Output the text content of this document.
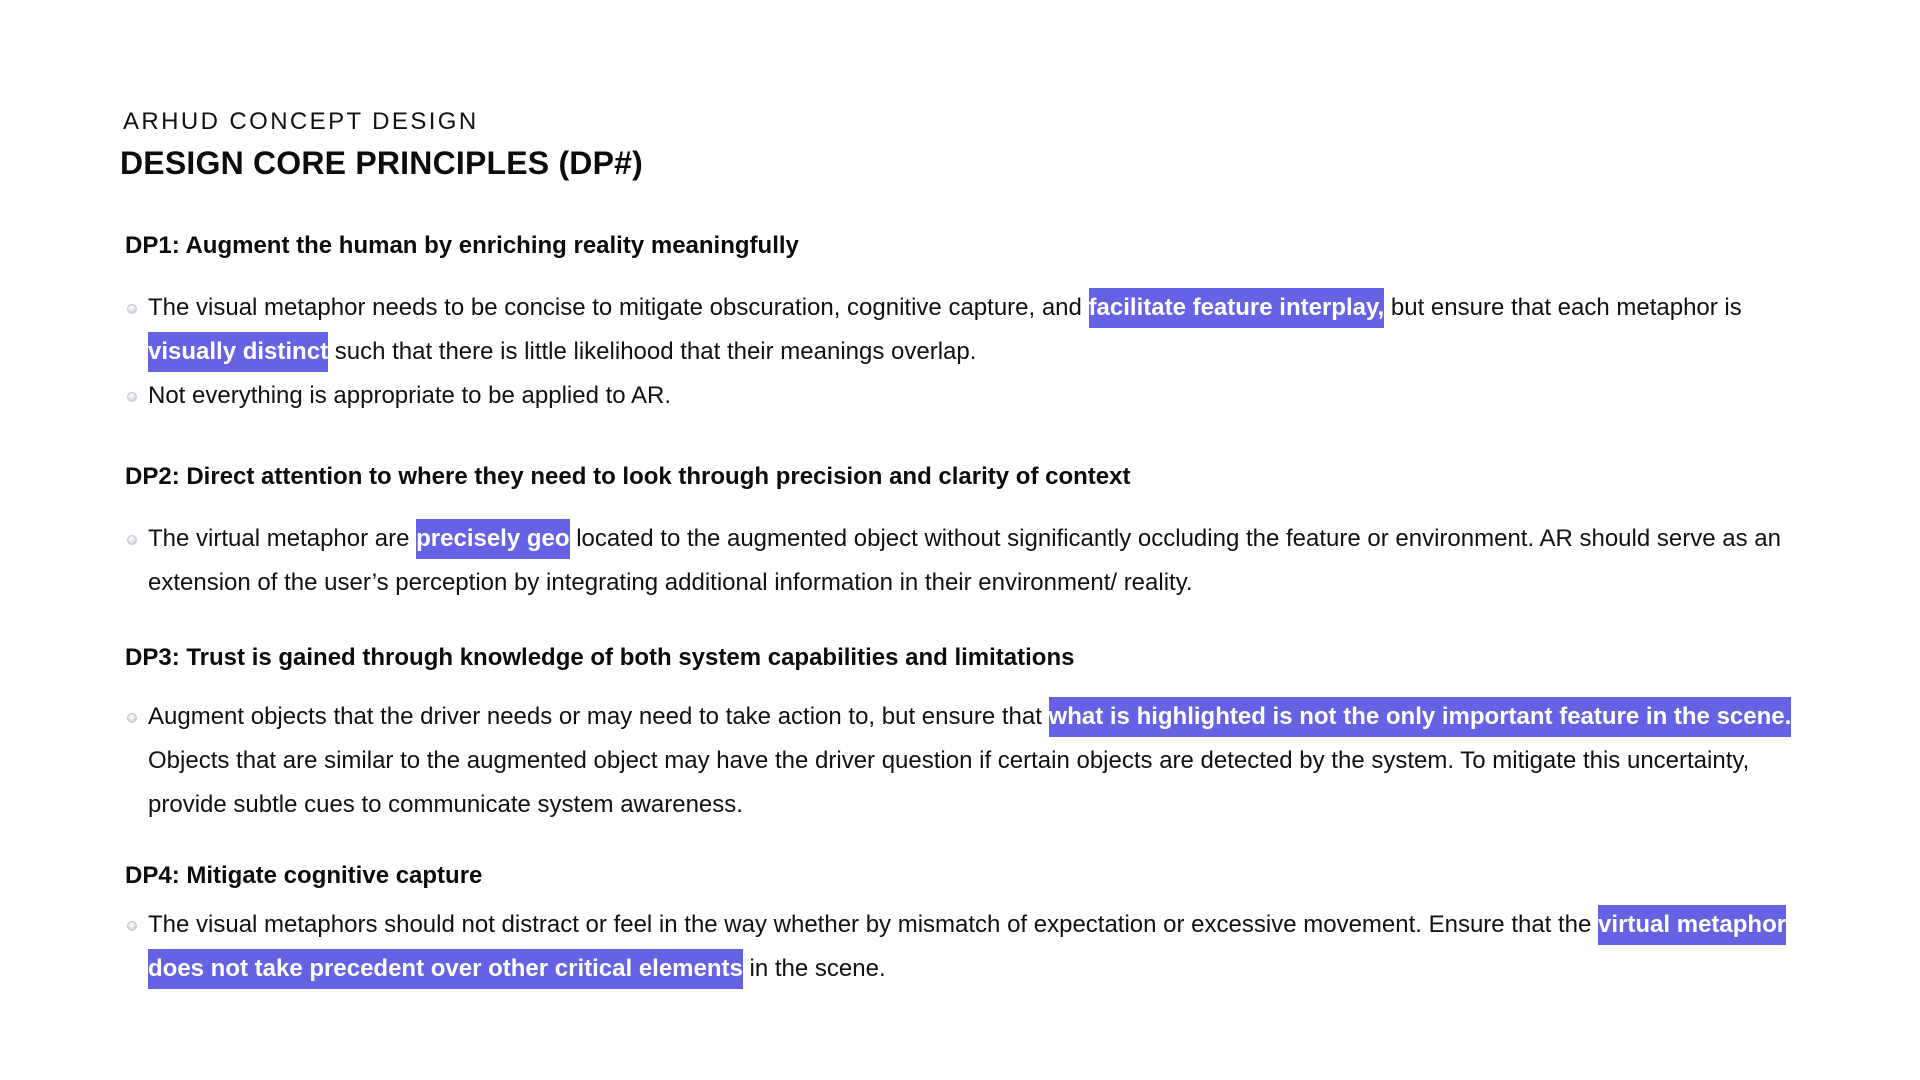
ARHUD CONCEPT DESIGN
DESIGN CORE PRINCIPLES (DP#)
DP1: Augment the human by enriching reality meaningfully
The visual metaphor needs to be concise to mitigate obscuration, cognitive capture, and facilitate feature interplay, but ensure that each metaphor is visually distinct such that there is little likelihood that their meanings overlap.
Not everything is appropriate to be applied to AR.
DP2: Direct attention to where they need to look through precision and clarity of context
The virtual metaphor are precisely geo located to the augmented object without significantly occluding the feature or environment. AR should serve as an extension of the user’s perception by integrating additional information in their environment/ reality.
DP3: Trust is gained through knowledge of both system capabilities and limitations
Augment objects that the driver needs or may need to take action to, but ensure that what is highlighted is not the only important feature in the scene. Objects that are similar to the augmented object may have the driver question if certain objects are detected by the system. To mitigate this uncertainty, provide subtle cues to communicate system awareness.
DP4: Mitigate cognitive capture
The visual metaphors should not distract or feel in the way whether by mismatch of expectation or excessive movement. Ensure that the virtual metaphor does not take precedent over other critical elements in the scene.
